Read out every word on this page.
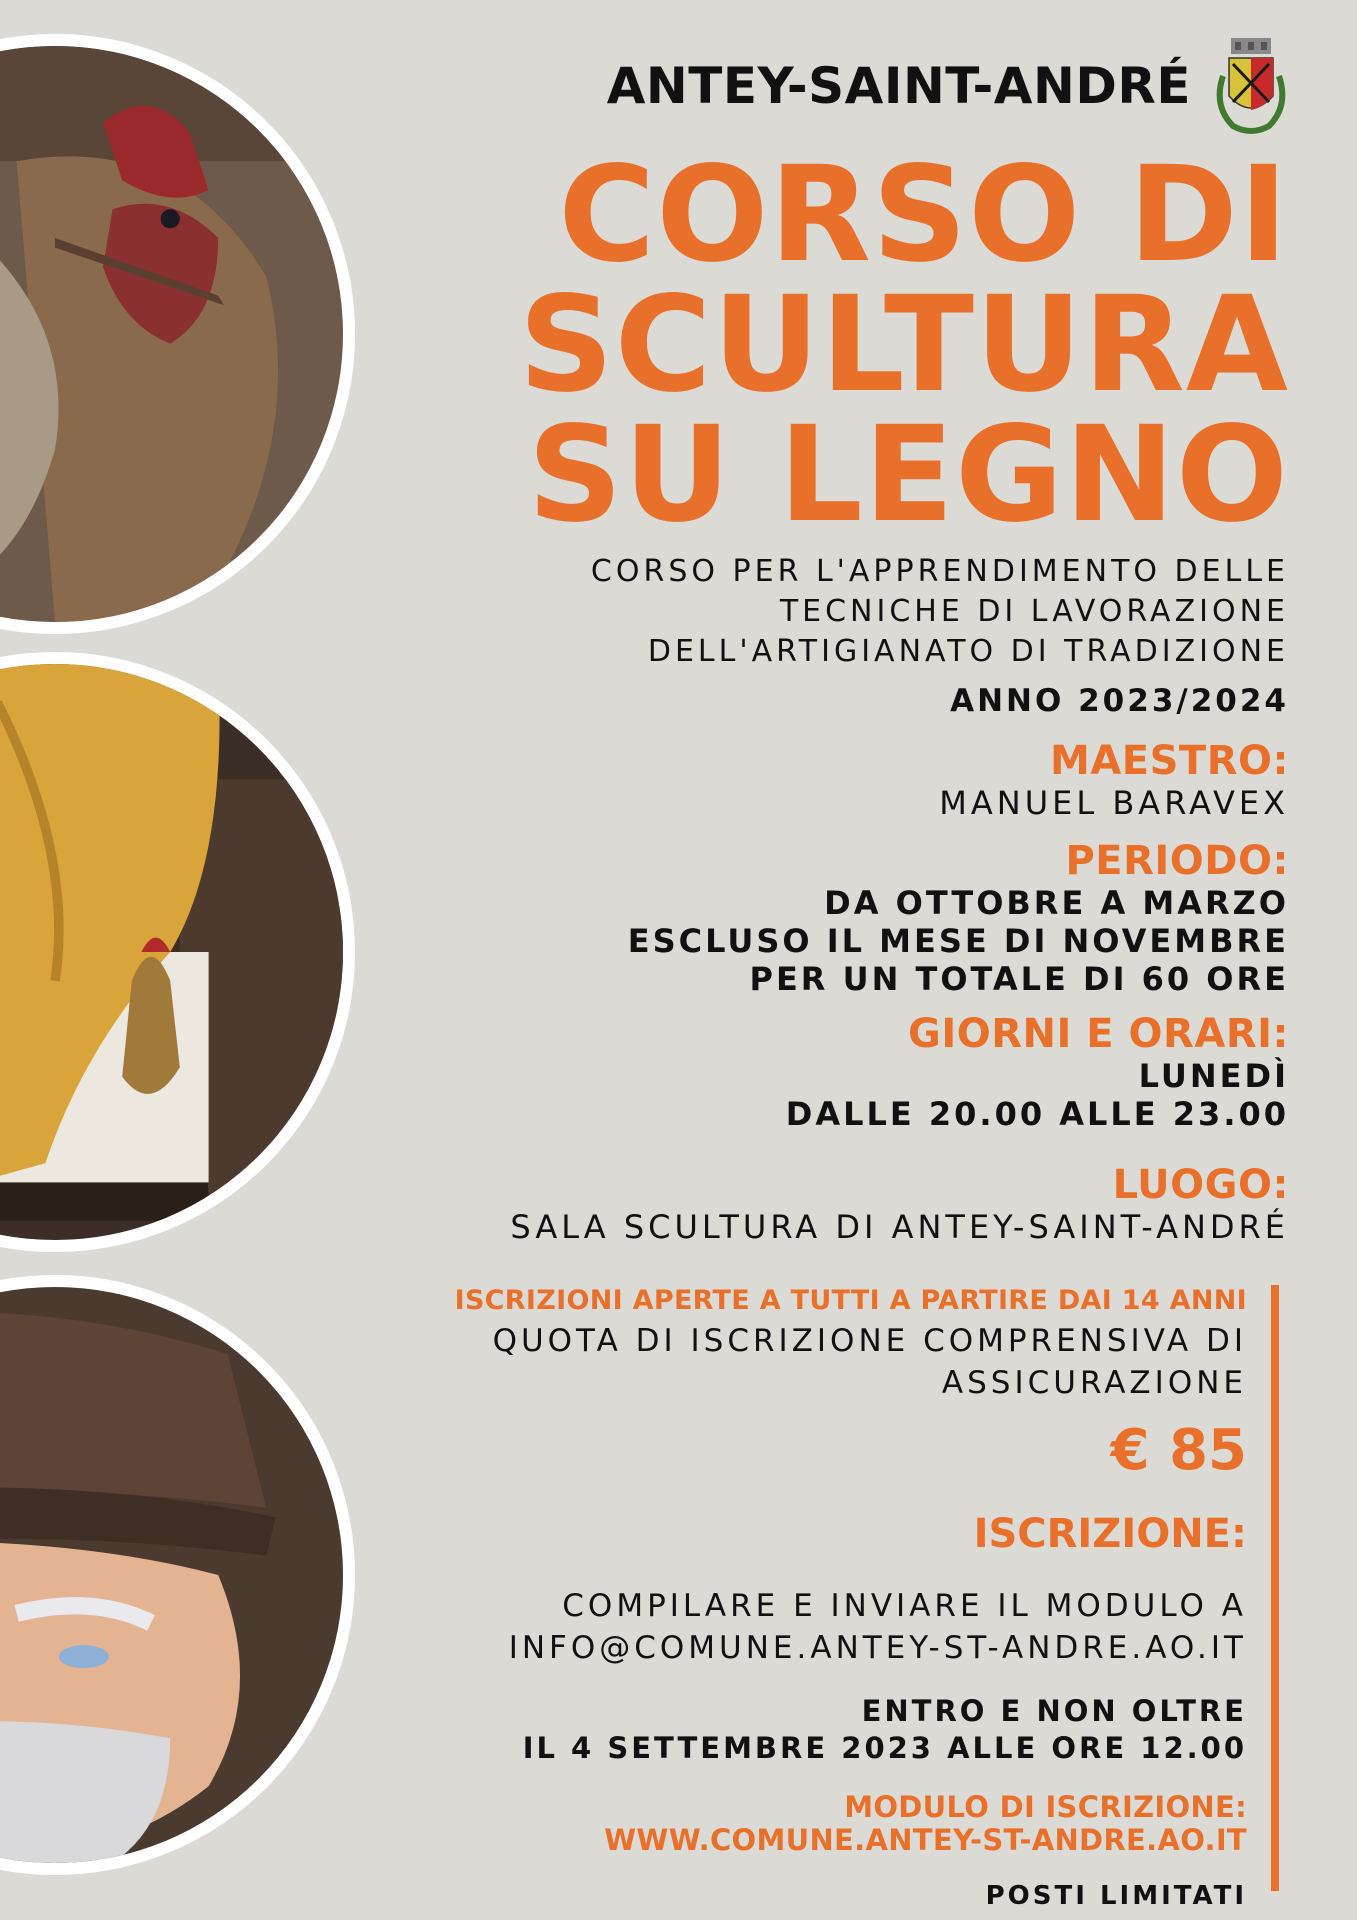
ANTEY-SAINT-ANDRÉ
CORSO DI
SCULTURA
SU LEGNO
CORSO PER L'APPRENDIMENTO DELLE
TECNICHE DI LAVORAZIONE
DELL'ARTIGIANATO DI TRADIZIONE
ANNO 2023/2024
MAESTRO:
MANUEL BARAVEX
PERIODO:
DA OTTOBRE A MARZO
ESCLUSO IL MESE DI NOVEMBRE
PER UN TOTALE DI 60 ORE
GIORNI E ORARI:
LUNEDÌ
DALLE 20.00 ALLE 23.00
LUOGO:
SALA SCULTURA DI ANTEY-SAINT-ANDRÉ
ISCRIZIONI APERTE A TUTTI A PARTIRE DAI 14 ANNI
QUOTA DI ISCRIZIONE COMPRENSIVA DI
ASSICURAZIONE
€ 85
ISCRIZIONE:
COMPILARE E INVIARE IL MODULO A
INFO@COMUNE.ANTEY-ST-ANDRE.AO.IT
ENTRO E NON OLTRE
IL 4 SETTEMBRE 2023 ALLE ORE 12.00
MODULO DI ISCRIZIONE:
WWW.COMUNE.ANTEY-ST-ANDRE.AO.IT
POSTI LIMITATI
